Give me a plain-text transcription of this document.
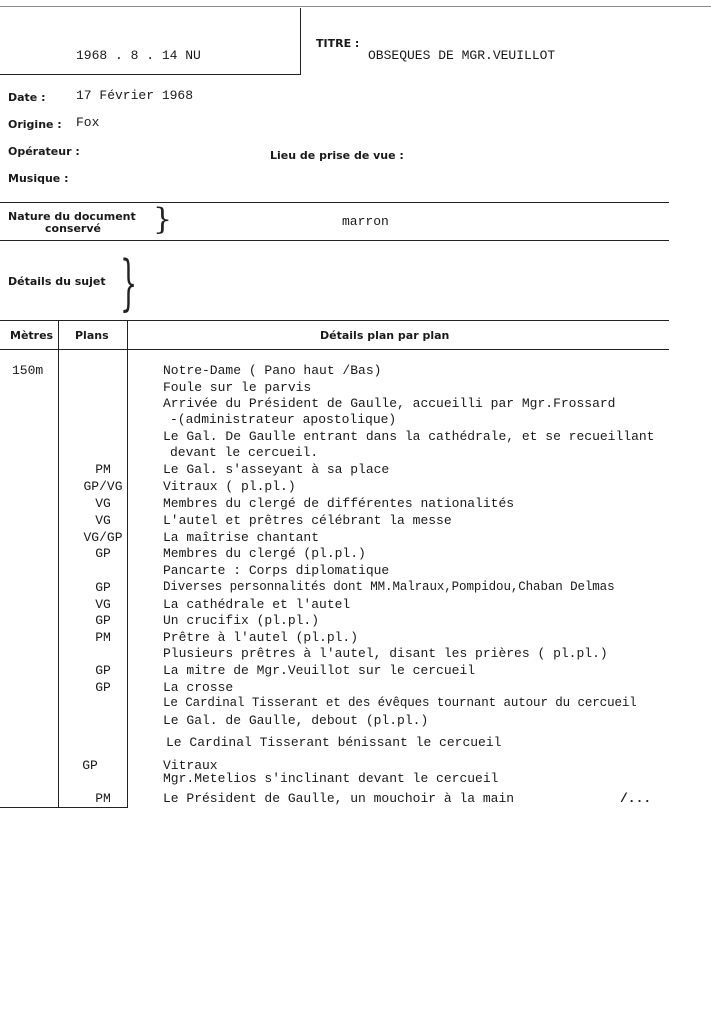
1968 . 8 . 14 NU
TITRE :
OBSEQUES DE MGR.VEUILLOT
Date : 17 Février 1968
Origine : Fox
Opérateur :	Lieu de prise de vue :
Musique :
Nature du document
conservé }	marron
Détails du sujet }
Mètres Plans	Détails plan par plan
150m	Notre-Dame ( Pano haut /Bas)
Foule sur le parvis
Arrivée du Président de Gaulle, accueilli par Mgr.Frossard
-(administrateur apostolique)
Le Gal. De Gaulle entrant dans la cathédrale, et se recueillant
devant le cercueil.
PM	Le Gal. s'asseyant à sa place
GP/VG	Vitraux ( pl.pl.)
VG	Membres du clergé de différentes nationalités
VG	L'autel et prêtres célébrant la messe
VG/GP	La maîtrise chantant
GP	Membres du clergé (pl.pl.)
Pancarte : Corps diplomatique
GP	Diverses personnalités dont MM.Malraux,Pompidou,Chaban Delmas
VG	La cathédrale et l'autel
GP	Un crucifix (pl.pl.)
PM	Prêtre à l'autel (pl.pl.)
Plusieurs prêtres à l'autel, disant les prières ( pl.pl.)
GP	La mitre de Mgr.Veuillot sur le cercueil
GP	La crosse
Le Cardinal Tisserant et des évêques tournant autour du cercueil
Le Gal. de Gaulle, debout (pl.pl.)
Le Cardinal Tisserant bénissant le cercueil
GP	Vitraux
Mgr.Metelios s'inclinant devant le cercueil
PM	Le Président de Gaulle, un mouchoir à la main	/...
